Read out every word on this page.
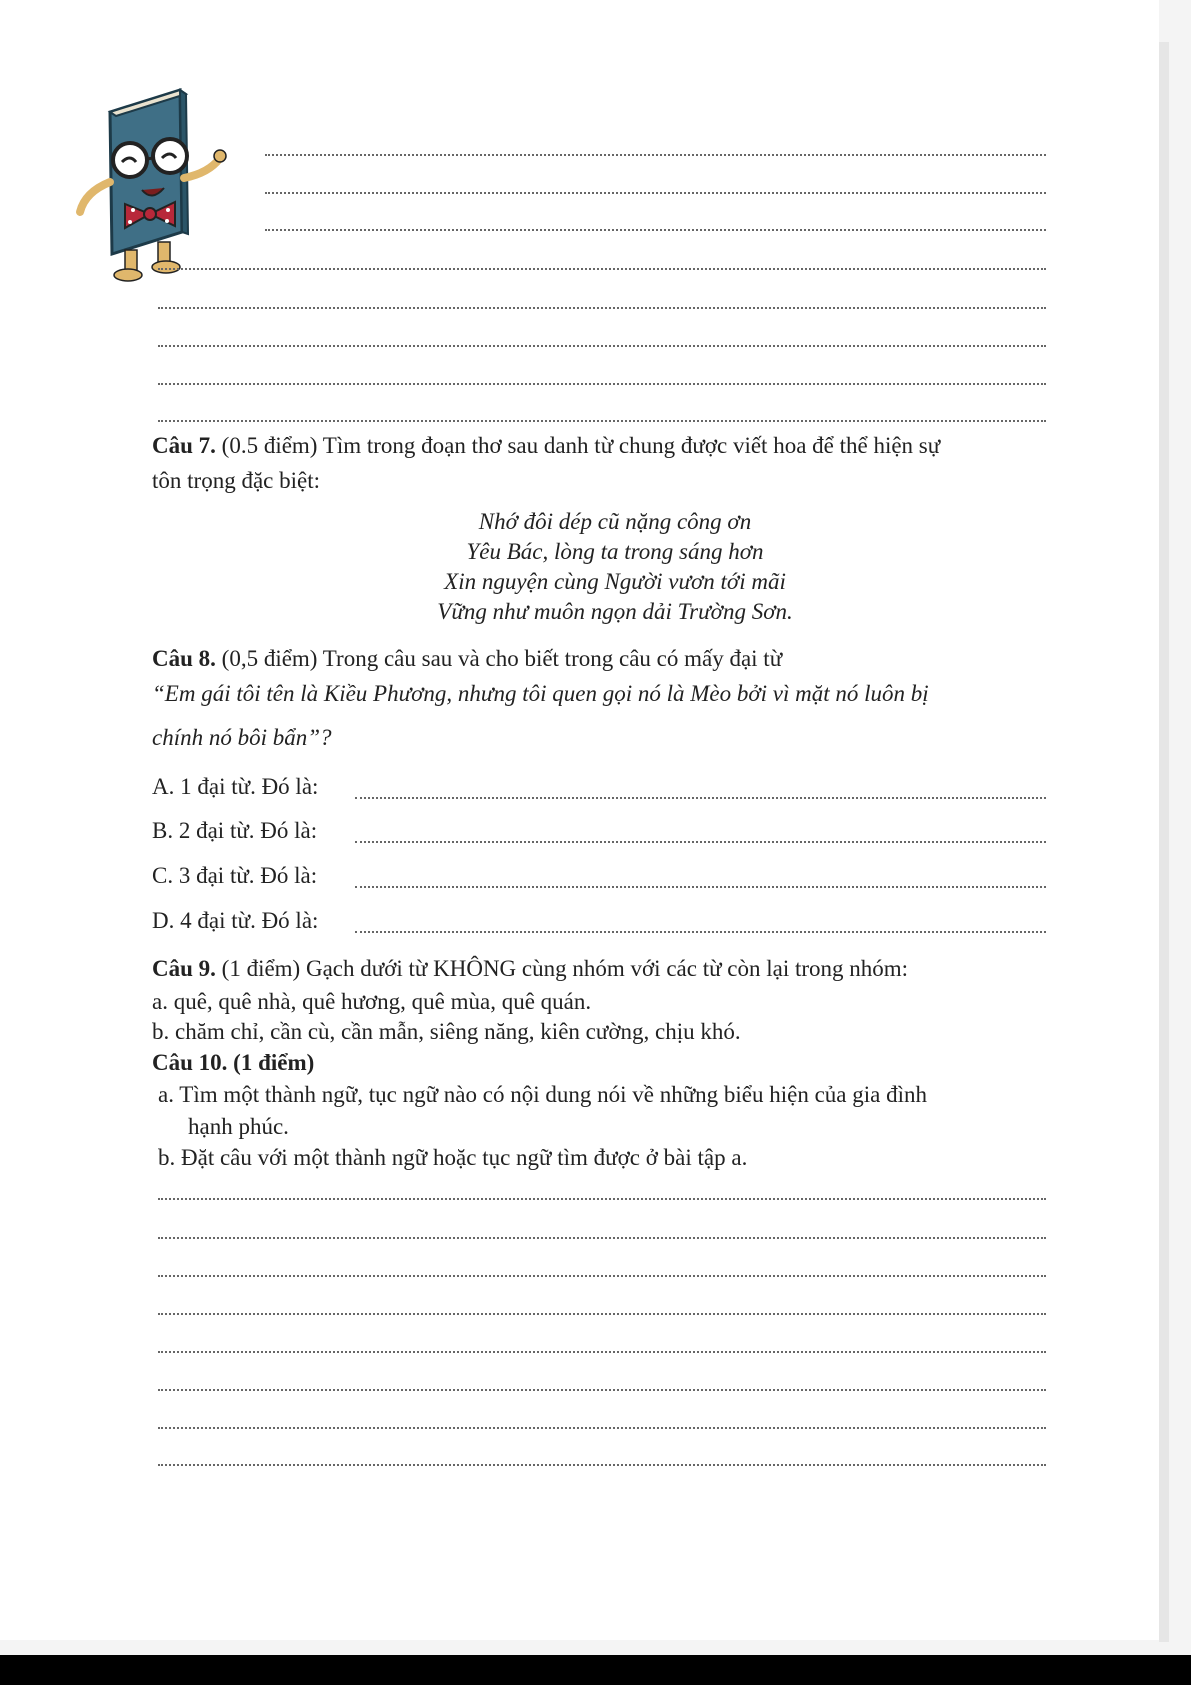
Câu 7. (0.5 điểm) Tìm trong đoạn thơ sau danh từ chung được viết hoa để thể hiện sự
tôn trọng đặc biệt:
Nhớ đôi dép cũ nặng công ơn
Yêu Bác, lòng ta trong sáng hơn
Xin nguyện cùng Người vươn tới mãi
Vững như muôn ngọn dải Trường Sơn.
Câu 8. (0,5 điểm) Trong câu sau và cho biết trong câu có mấy đại từ
“Em gái tôi tên là Kiều Phương, nhưng tôi quen gọi nó là Mèo bởi vì mặt nó luôn bị
chính nó bôi bẩn”?
A. 1 đại từ. Đó là:
B. 2 đại từ. Đó là:
C. 3 đại từ. Đó là:
D. 4 đại từ. Đó là:
Câu 9. (1 điểm) Gạch dưới từ KHÔNG cùng nhóm với các từ còn lại trong nhóm:
a. quê, quê nhà, quê hương, quê mùa, quê quán.
b. chăm chỉ, cần cù, cần mẫn, siêng năng, kiên cường, chịu khó.
Câu 10. (1 điểm)
a. Tìm một thành ngữ, tục ngữ nào có nội dung nói về những biểu hiện của gia đình
hạnh phúc.
b. Đặt câu với một thành ngữ hoặc tục ngữ tìm được ở bài tập a.
